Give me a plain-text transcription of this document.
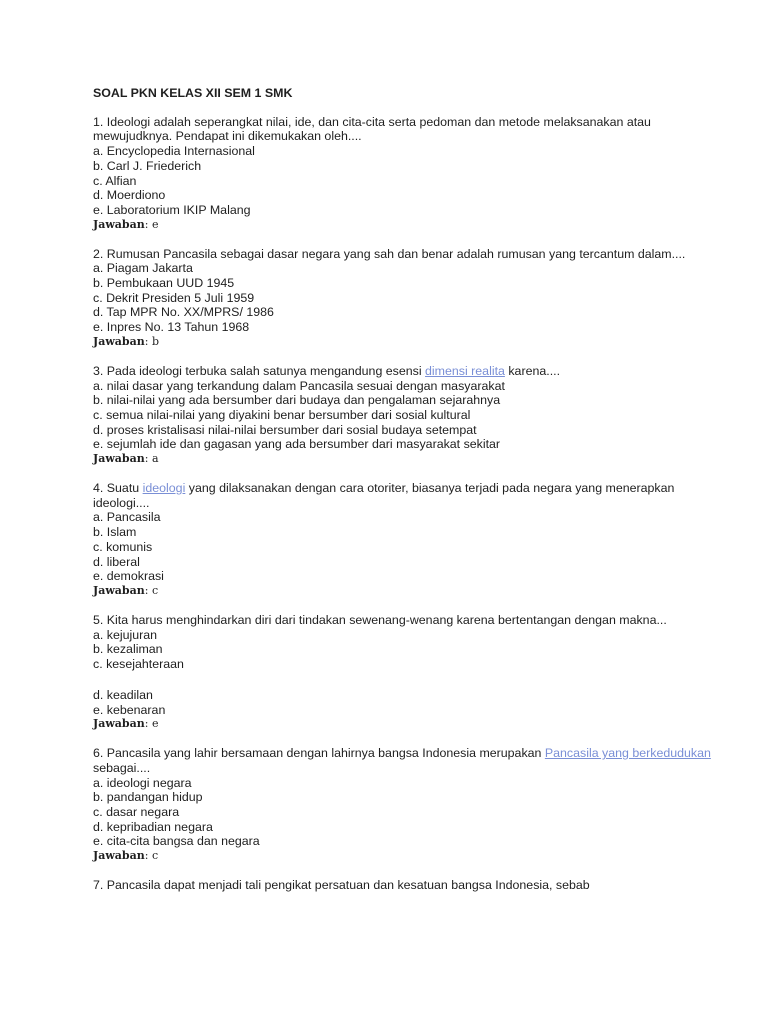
SOAL PKN KELAS XII SEM 1 SMK
1. Ideologi adalah seperangkat nilai, ide, dan cita-cita serta pedoman dan metode melaksanakan atau mewujudknya. Pendapat ini dikemukakan oleh....
a. Encyclopedia Internasional
b. Carl J. Friederich
c. Alfian
d. Moerdiono
e. Laboratorium IKIP Malang
Jawaban: e
2. Rumusan Pancasila sebagai dasar negara yang sah dan benar adalah rumusan yang tercantum dalam....
a. Piagam Jakarta
b. Pembukaan UUD 1945
c. Dekrit Presiden 5 Juli 1959
d. Tap MPR No. XX/MPRS/ 1986
e. Inpres No. 13 Tahun 1968
Jawaban: b
3. Pada ideologi terbuka salah satunya mengandung esensi dimensi realita karena....
a. nilai dasar yang terkandung dalam Pancasila sesuai dengan masyarakat
b. nilai-nilai yang ada bersumber dari budaya dan pengalaman sejarahnya
c. semua nilai-nilai yang diyakini benar bersumber dari sosial kultural
d. proses kristalisasi nilai-nilai bersumber dari sosial budaya setempat
e. sejumlah ide dan gagasan yang ada bersumber dari masyarakat sekitar
Jawaban: a
4. Suatu ideologi yang dilaksanakan dengan cara otoriter, biasanya terjadi pada negara yang menerapkan ideologi....
a. Pancasila
b. Islam
c. komunis
d. liberal
e. demokrasi
Jawaban: c
5. Kita harus menghindarkan diri dari tindakan sewenang-wenang karena bertentangan dengan makna...
a. kejujuran
b. kezaliman
c. kesejahteraan
d. keadilan
e. kebenaran
Jawaban: e
6. Pancasila yang lahir bersamaan dengan lahirnya bangsa Indonesia merupakan Pancasila yang berkedudukan sebagai....
a. ideologi negara
b. pandangan hidup
c. dasar negara
d. kepribadian negara
e. cita-cita bangsa dan negara
Jawaban: c
7. Pancasila dapat menjadi tali pengikat persatuan dan kesatuan bangsa Indonesia, sebab
